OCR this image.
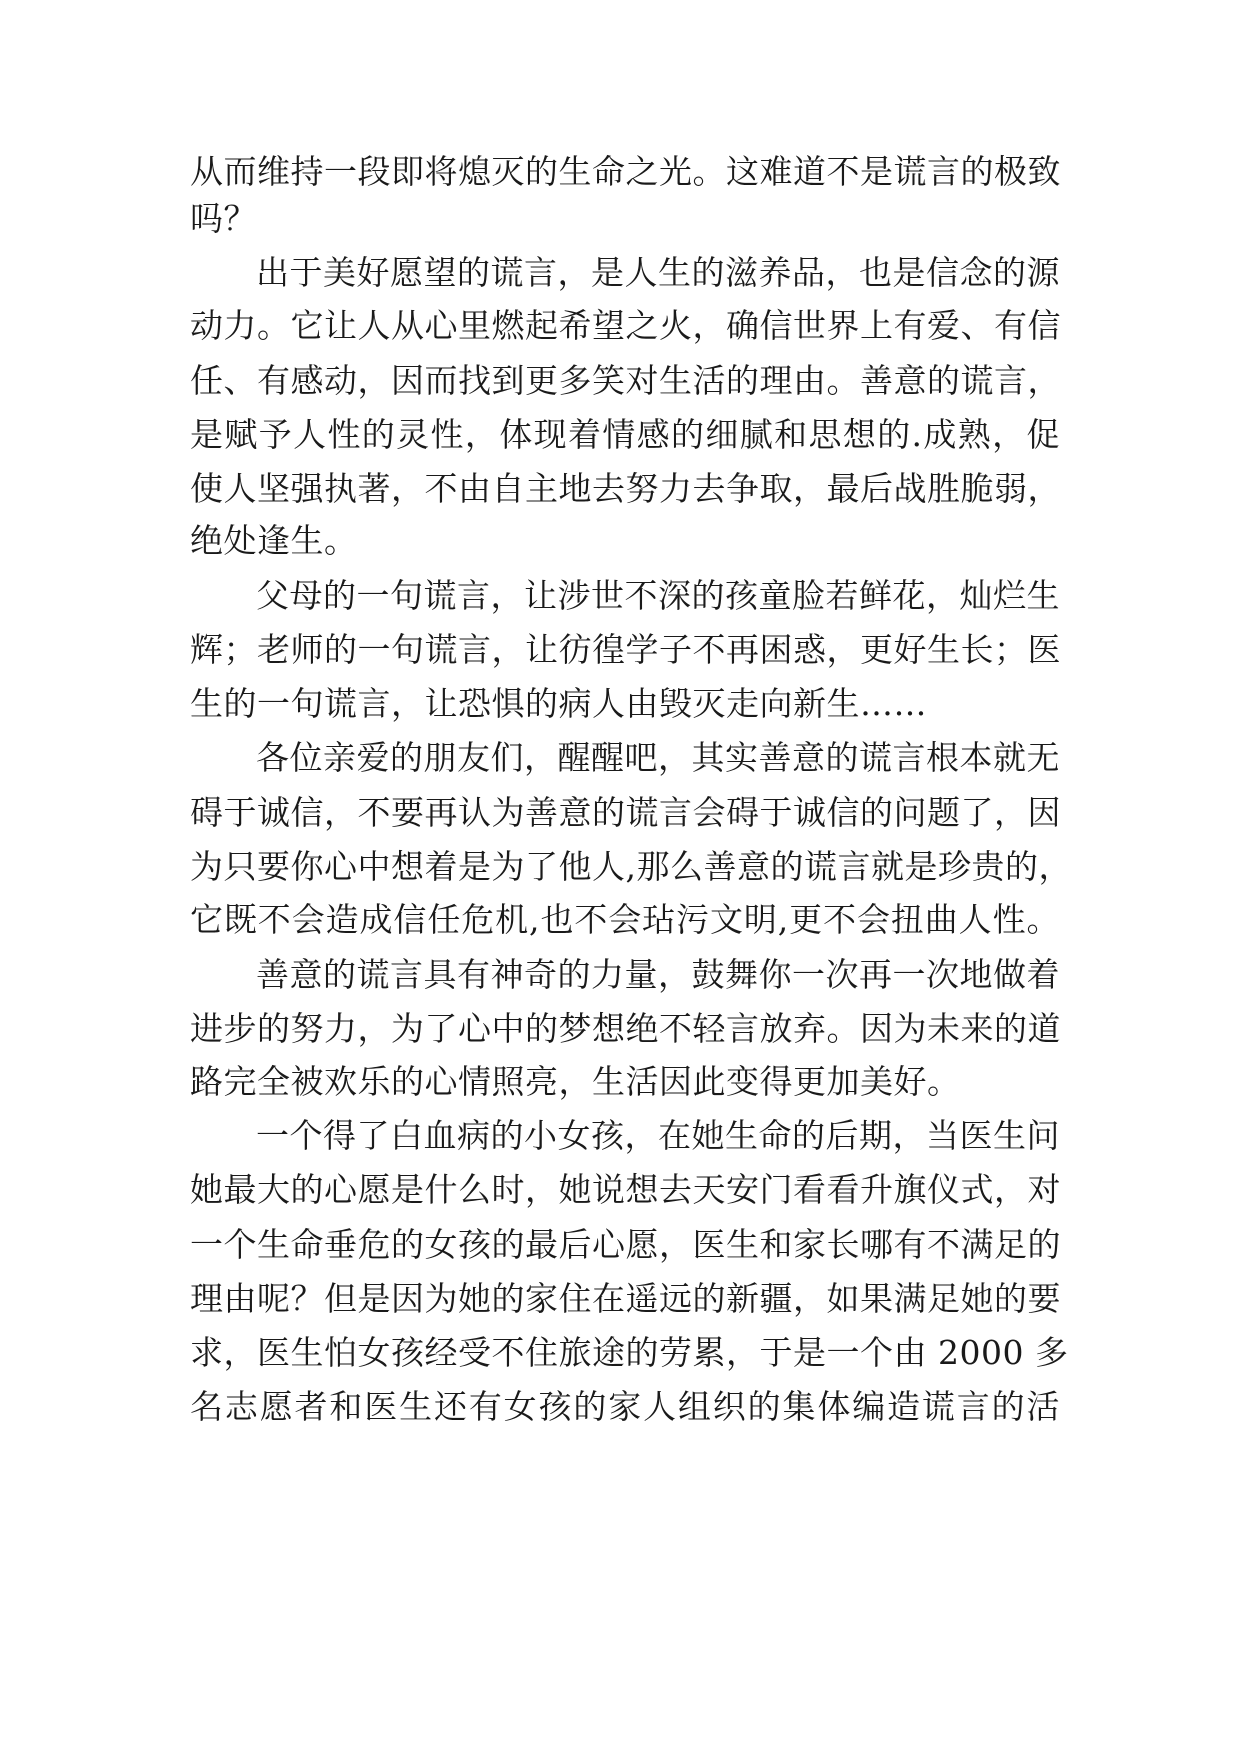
从而维持一段即将熄灭的生命之光。这难道不是谎言的极致
吗？
出于美好愿望的谎言，是人生的滋养品，也是信念的源
动力。它让人从心里燃起希望之火，确信世界上有爱、有信
任、有感动，因而找到更多笑对生活的理由。善意的谎言，
是赋予人性的灵性，体现着情感的细腻和思想的.成熟，促
使人坚强执著，不由自主地去努力去争取，最后战胜脆弱，
绝处逢生。
父母的一句谎言，让涉世不深的孩童脸若鲜花，灿烂生
辉；老师的一句谎言，让彷徨学子不再困惑，更好生长；医
生的一句谎言，让恐惧的病人由毁灭走向新生……
各位亲爱的朋友们，醒醒吧，其实善意的谎言根本就无
碍于诚信，不要再认为善意的谎言会碍于诚信的问题了，因
为只要你心中想着是为了他人,那么善意的谎言就是珍贵的，
它既不会造成信任危机,也不会玷污文明,更不会扭曲人性。
善意的谎言具有神奇的力量，鼓舞你一次再一次地做着
进步的努力，为了心中的梦想绝不轻言放弃。因为未来的道
路完全被欢乐的心情照亮，生活因此变得更加美好。
一个得了白血病的小女孩，在她生命的后期，当医生问
她最大的心愿是什么时，她说想去天安门看看升旗仪式，对
一个生命垂危的女孩的最后心愿，医生和家长哪有不满足的
理由呢？但是因为她的家住在遥远的新疆，如果满足她的要
求，医生怕女孩经受不住旅途的劳累，于是一个由 2000 多
名志愿者和医生还有女孩的家人组织的集体编造谎言的活
